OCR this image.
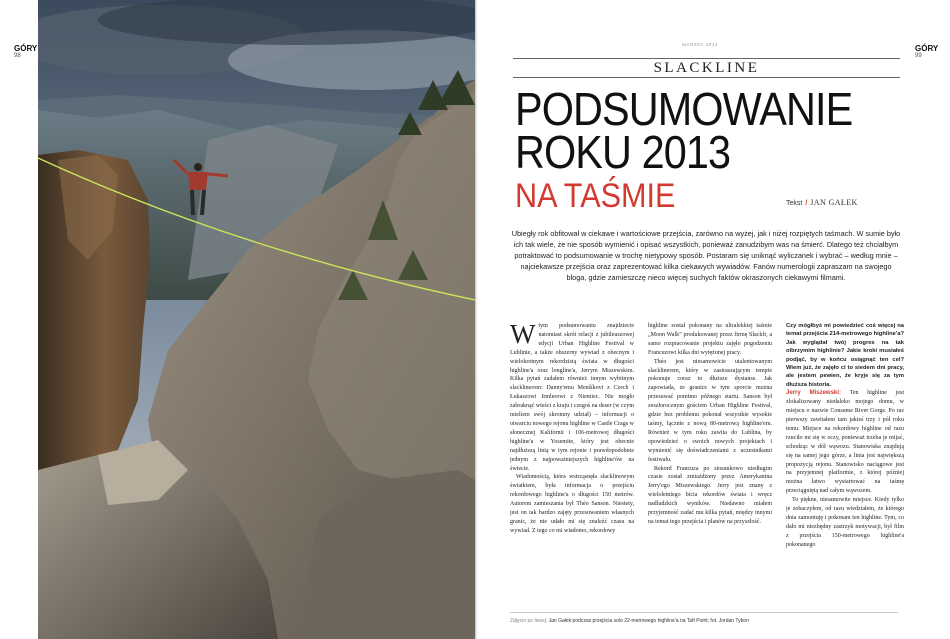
GÓRY
98
GÓRY
99
MARZEC 2014
SLACKLINE
PODSUMOWANIE
ROKU 2013
NA TAŚMIE	Tekst / JAN GAŁEK
Ubiegły rok obfitował w ciekawe i wartościowe przejścia, zarówno na wyżej, jak i niżej rozpiętych taśmach. W sumie było ich tak wiele, że nie sposób wymienić i opisać wszystkich, ponieważ zanudzibym was na śmierć. Dlatego też chciałbym potraktować to podsumowanie w trochę nietypowy sposób. Postaram się uniknąć wyliczanek i wybrać – według mnie – najciekawsze przejścia oraz zaprezentować kilka ciekawych wywiadów. Fanów numerologii zapraszam na swojego bloga, gdzie zamieszczę nieco więcej suchych faktów okraszonych ciekawymi filmami.

Wtym podsumowaniu znajdziecie natomiast skrót relacji z jubileuszowej edycji Urban Highline Festival w Lublinie, a także obszerny wywiad z obecnym i wielokrotnym rekordzistą świata w długości highline'a oraz longline'a, Jerrym Miszewskim. Kilka pytań zadałem również innym wybitnym slacklinerom: Danny'emu Menšíkovi z Czech i Łukaszowi Irmlerowi z Niemiec. Nie mogło zabraknąć wieści z kraju i czegoś na deser (w czym mieliem swój skromny udział) – informacji o otwarciu nowego rejonu highline w Castle Crags w słonecznej Kalifornii i 106-metrowej długości highline'a w Yosemite, który jest obecnie najdłuższą linią w tym rejonie i prawdopodobnie jednym z najpoważniejszych highline'ów na świecie.

Wiadomością, która wstrząsnęła slacklinowym światkiem, była informacja o przejściu rekordowego highline'a o długości 150 metrów. Autorem zamieszania był Théo Sanson. Niestety, jest on tak bardzo zajęty przesuwaniem własnych granic, że nie udało mi się znaleźć czasu na wywiad. Z tego co mi wiadomo, rekordowy

highline został pokonany na ultralekkiej taśmie „Moon Walk” produkowanej przez firmę Slackfr, a samo rozpracowanie projektu zajęło pogodzeniu Francuzowi kilka dni wytężonej pracy.

Théo jest niesamowicie utalentowanym slacklinerem, który w zastraszającym tempie pokonuje coraz to dłuższe dystanse. Jak zapowiada, że granice w tym sporcie można przesuwać pomimo późnego startu. Sanson był zeszłorocznym gościem Urban Highline Festival, gdzie bez problemu pokonał wszystkie wysokie taśmy, łącznie z nową 80-metrową highline'em. Również w tym roku zawita do Lublina, by opowiedzieć o swoich nowych projektach i wymienić się doświadczeniami z uczestnikami festiwalu.

Rekord Francuza po stosunkowo niedługim czasie został zmiażdżony przez Amerykanina Jerry'ego Miszewskiego. Jerry jest znany z wieloletniego bicia rekordów świata i wręcz nadludzkich wyników. Niedawno miałem przyjemność zadać mu kilka pytań, między innymi na temat tego przejścia i planów na przyszłość.

Czy mógłbyś mi powiedzieć coś więcej na temat przejścia 214-metrowego highline'a? Jak wyglądał twój progres na tak olbrzymim highlinie? Jakie kroki musiałeś podjąć, by w końcu osiągnąć ten cel? Wiem już, że zajęło ci to siedem dni pracy, ale jestem pewien, że kryje się za tym dłuższa historia.

Jerry Miszewski: Ten highline jest zlokalizowany niedaleko mojego domu, w miejscu o nazwie Consume River Gorge. Po raz pierwszy zawitałem tam jakieś trzy i pół roku temu. Miejsce na rekordowy highline od razu rzuciło mi się w oczy, ponieważ trzeba je mijać, schodząc w dół wąwozu. Stanowiska znajdują się na samej jego górze, a linia jest największą propozycją rejonu. Stanowisko naciągowe jest na przyjemnej platformie, z której później można łatwo wystartować na taśmę przeciągniętą nad całym wąwozem.

To piękne, niesamowite miejsce. Kiedy tylko je zobaczyłem, od razu wiedziałem, że którego dnia zamontuję i pokonam ten highline. Tym, co dało mi niezbędny zastrzyk motywacji, był film z przejścia 150-metrowego highline'a pokonanego

Zdjęcie po lewej: Jan Gałek podczas przejścia solo 22-metrowego highline'a na Taft Point; fot. Jordan Tybon
